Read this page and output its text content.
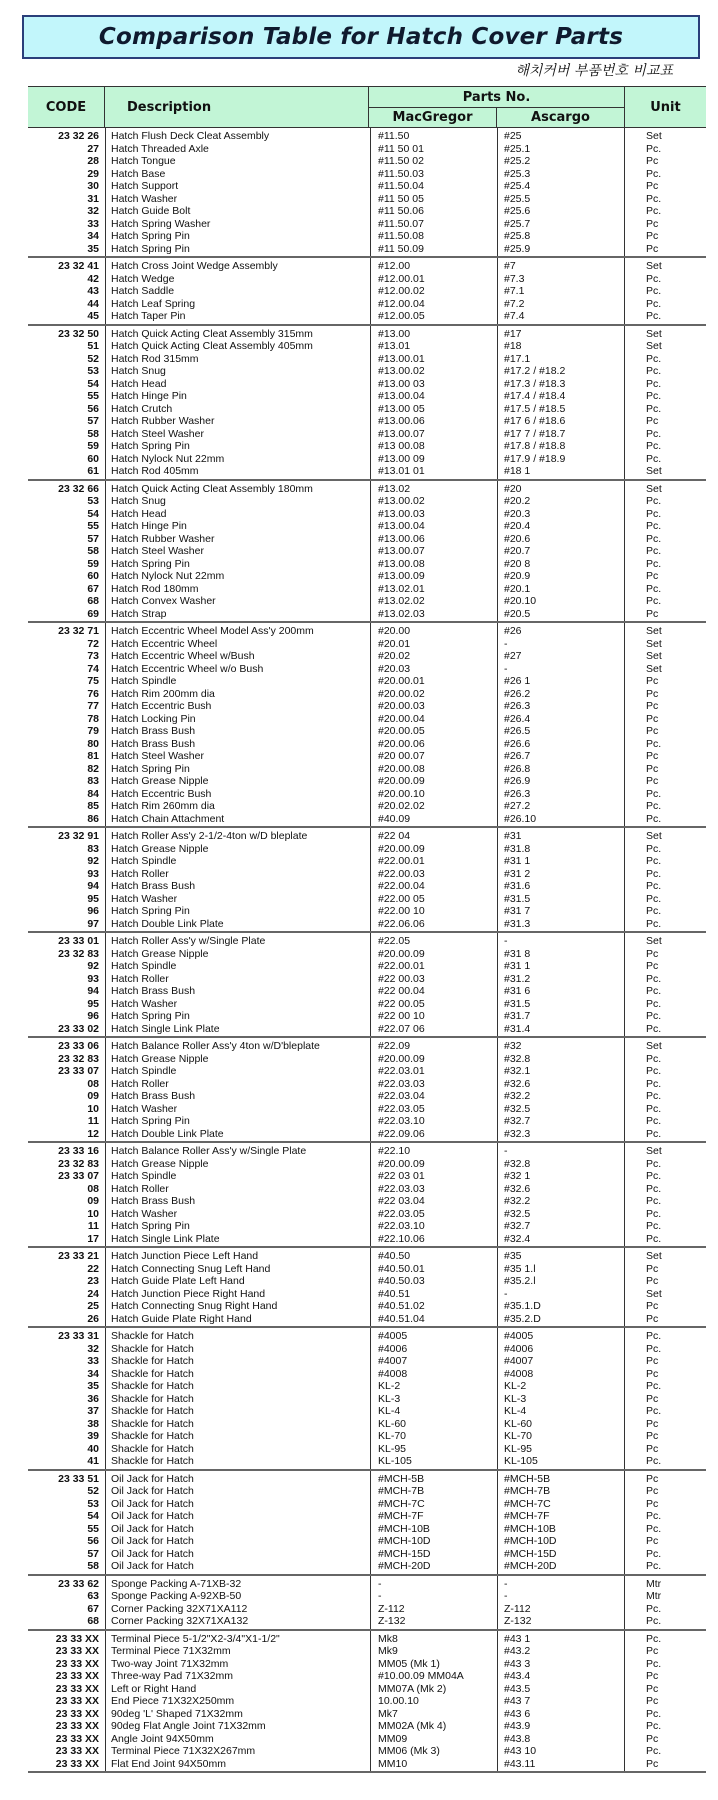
Comparison Table for Hatch Cover Parts
해치커버 부품번호 비교표
CODE	Description	Parts No.		Unit
		MacGregor	Ascargo	
23 32 26 Hatch Flush Deck Cleat Assembly	#11.50	#25	Set
27 Hatch Threaded Axle	#11 50 01	#25.1	Pc.
28 Hatch Tongue	#11.50 02	#25.2	Pc
29 Hatch Base	#11.50.03	#25.3	Pc.
30 Hatch Support	#11.50.04	#25.4	Pc
31 Hatch Washer	#11 50 05	#25.5	Pc.
32 Hatch Guide Bolt	#11 50.06	#25.6	Pc.
33 Hatch Spring Washer	#11.50.07	#25.7	Pc
34 Hatch Spring Pin	#11.50.08	#25.8	Pc
35 Hatch Spring Pin	#11 50.09	#25.9	Pc
23 32 41 Hatch Cross Joint Wedge Assembly	#12.00	#7	Set
42 Hatch Wedge	#12.00.01	#7.3	Pc.
43 Hatch Saddle	#12.00.02	#7.1	Pc.
44 Hatch Leaf Spring	#12.00.04	#7.2	Pc.
45 Hatch Taper Pin	#12.00.05	#7.4	Pc.
23 32 50 Hatch Quick Acting Cleat Assembly 315mm	#13.00	#17	Set
51 Hatch Quick Acting Cleat Assembly 405mm	#13.01	#18	Set
52 Hatch Rod 315mm	#13.00.01	#17.1	Pc.
53 Hatch Snug	#13.00.02	#17.2 / #18.2	Pc.
54 Hatch Head	#13.00 03	#17.3 / #18.3	Pc.
55 Hatch Hinge Pin	#13.00.04	#17.4 / #18.4	Pc.
56 Hatch Crutch	#13.00 05	#17.5 / #18.5	Pc.
57 Hatch Rubber Washer	#13.00.06	#17 6 / #18.6	Pc
58 Hatch Steel Washer	#13.00.07	#17 7 / #18.7	Pc.
59 Hatch Spring Pin	#13 00.08	#17.8 / #18.8	Pc.
60 Hatch Nylock Nut 22mm	#13.00 09	#17.9 / #18.9	Pc.
61 Hatch Rod 405mm	#13.01 01	#18 1	Set
23 32 66 Hatch Quick Acting Cleat Assembly 180mm	#13.02	#20	Set
53 Hatch Snug	#13.00.02	#20.2	Pc.
54 Hatch Head	#13.00.03	#20.3	Pc.
55 Hatch Hinge Pin	#13.00.04	#20.4	Pc.
57 Hatch Rubber Washer	#13.00.06	#20.6	Pc.
58 Hatch Steel Washer	#13.00.07	#20.7	Pc.
59 Hatch Spring Pin	#13.00.08	#20 8	Pc.
60 Hatch Nylock Nut 22mm	#13.00.09	#20.9	Pc
67 Hatch Rod 180mm	#13.02.01	#20.1	Pc.
68 Hatch Convex Washer	#13.02.02	#20.10	Pc.
69 Hatch Strap	#13.02.03	#20.5	Pc
23 32 71 Hatch Eccentric Wheel Model Ass'y 200mm	#20.00	#26	Set
72 Hatch Eccentric Wheel	#20.01	-	Set
73 Hatch Eccentric Wheel w/Bush	#20.02	#27	Set
74 Hatch Eccentric Wheel w/o Bush	#20.03	-	Set
75 Hatch Spindle	#20.00.01	#26 1	Pc
76 Hatch Rim 200mm dia	#20.00.02	#26.2	Pc
77 Hatch Eccentric Bush	#20.00.03	#26.3	Pc
78 Hatch Locking Pin	#20.00.04	#26.4	Pc
79 Hatch Brass Bush	#20.00.05	#26.5	Pc
80 Hatch Brass Bush	#20.00.06	#26.6	Pc.
81 Hatch Steel Washer	#20 00.07	#26.7	Pc
82 Hatch Spring Pin	#20.00.08	#26.8	Pc
83 Hatch Grease Nipple	#20.00.09	#26.9	Pc
84 Hatch Eccentric Bush	#20.00.10	#26.3	Pc.
85 Hatch Rim 260mm dia	#20.02.02	#27.2	Pc.
86 Hatch Chain Attachment	#40.09	#26.10	Pc.
23 32 91 Hatch Roller Ass'y 2-1/2-4ton w/D bleplate	#22 04	#31	Set
83 Hatch Grease Nipple	#20.00.09	#31.8	Pc.
92 Hatch Spindle	#22.00.01	#31 1	Pc.
93 Hatch Roller	#22.00.03	#31 2	Pc.
94 Hatch Brass Bush	#22.00.04	#31.6	Pc.
95 Hatch Washer	#22.00 05	#31.5	Pc.
96 Hatch Spring Pin	#22.00 10	#31 7	Pc.
97 Hatch Double Link Plate	#22.06.06	#31.3	Pc.
23 33 01 Hatch Roller Ass'y w/Single Plate	#22.05	-	Set
23 32 83 Hatch Grease Nipple	#20.00.09	#31 8	Pc
92 Hatch Spindle	#22.00.01	#31 1	Pc
93 Hatch Roller	#22 00.03	#31.2	Pc.
94 Hatch Brass Bush	#22 00.04	#31 6	Pc.
95 Hatch Washer	#22 00.05	#31.5	Pc.
96 Hatch Spring Pin	#22 00 10	#31.7	Pc.
23 33 02 Hatch Single Link Plate	#22.07 06	#31.4	Pc.
23 33 06 Hatch Balance Roller Ass'y 4ton w/D'bleplate	#22.09	#32	Set
23 32 83 Hatch Grease Nipple	#20.00.09	#32.8	Pc.
23 33 07 Hatch Spindle	#22.03.01	#32.1	Pc.
08 Hatch Roller	#22.03.03	#32.6	Pc.
09 Hatch Brass Bush	#22.03.04	#32.2	Pc.
10 Hatch Washer	#22.03.05	#32.5	Pc.
11 Hatch Spring Pin	#22.03.10	#32.7	Pc.
12 Hatch Double Link Plate	#22.09.06	#32.3	Pc.
23 33 16 Hatch Balance Roller Ass'y w/Single Plate	#22.10	-	Set
23 32 83 Hatch Grease Nipple	#20.00.09	#32.8	Pc.
23 33 07 Hatch Spindle	#22 03 01	#32 1	Pc.
08 Hatch Roller	#22.03.03	#32.6	Pc.
09 Hatch Brass Bush	#22 03.04	#32.2	Pc.
10 Hatch Washer	#22.03.05	#32.5	Pc.
11 Hatch Spring Pin	#22.03.10	#32.7	Pc.
17 Hatch Single Link Plate	#22.10.06	#32.4	Pc.
23 33 21 Hatch Junction Piece Left Hand	#40.50	#35	Set
22 Hatch Connecting Snug Left Hand	#40.50.01	#35 1.l	Pc
23 Hatch Guide Plate Left Hand	#40.50.03	#35.2.l	Pc
24 Hatch Junction Piece Right Hand	#40.51	-	Set
25 Hatch Connecting Snug Right Hand	#40.51.02	#35.1.D	Pc
26 Hatch Guide Plate Right Hand	#40.51.04	#35.2.D	Pc
23 33 31 Shackle for Hatch	#4005	#4005	Pc.
32 Shackle for Hatch	#4006	#4006	Pc.
33 Shackle for Hatch	#4007	#4007	Pc
34 Shackle for Hatch	#4008	#4008	Pc
35 Shackle for Hatch	KL-2	KL-2	Pc.
36 Shackle for Hatch	KL-3	KL-3	Pc
37 Shackle for Hatch	KL-4	KL-4	Pc.
38 Shackle for Hatch	KL-60	KL-60	Pc
39 Shackle for Hatch	KL-70	KL-70	Pc
40 Shackle for Hatch	KL-95	KL-95	Pc
41 Shackle for Hatch	KL-105	KL-105	Pc.
23 33 51 Oil Jack for Hatch	#MCH-5B	#MCH-5B	Pc
52 Oil Jack for Hatch	#MCH-7B	#MCH-7B	Pc
53 Oil Jack for Hatch	#MCH-7C	#MCH-7C	Pc
54 Oil Jack for Hatch	#MCH-7F	#MCH-7F	Pc.
55 Oil Jack for Hatch	#MCH-10B	#MCH-10B	Pc.
56 Oil Jack for Hatch	#MCH-10D	#MCH-10D	Pc
57 Oil Jack for Hatch	#MCH-15D	#MCH-15D	Pc.
58 Oil Jack for Hatch	#MCH-20D	#MCH-20D	Pc.
23 33 62 Sponge Packing A-71XB-32	-	-	Mtr
63 Sponge Packing A-92XB-50	-	-	Mtr
67 Corner Packing 32X71XA112	Z-112	Z-112	Pc.
68 Corner Packing 32X71XA132	Z-132	Z-132	Pc.
23 33 XX Terminal Piece 5-1/2"X2-3/4"X1-1/2"	Mk8	#43 1	Pc.
23 33 XX Terminal Piece 71X32mm	Mk9	#43.2	Pc
23 33 XX Two-way Joint 71X32mm	MM05 (Mk 1)	#43 3	Pc.
23 33 XX Three-way Pad 71X32mm	#10.00.09 MM04A	#43.4	Pc
23 33 XX Left or Right Hand	MM07A (Mk 2)	#43.5	Pc
23 33 XX End Piece 71X32X250mm	10.00.10	#43 7	Pc
23 33 XX 90deg 'L' Shaped 71X32mm	Mk7	#43 6	Pc.
23 33 XX 90deg Flat Angle Joint 71X32mm	MM02A (Mk 4)	#43.9	Pc.
23 33 XX Angle Joint 94X50mm	MM09	#43.8	Pc
23 33 XX Terminal Piece 71X32X267mm	MM06 (Mk 3)	#43 10	Pc.
23 33 XX Flat End Joint 94X50mm	MM10	#43.11	Pc
